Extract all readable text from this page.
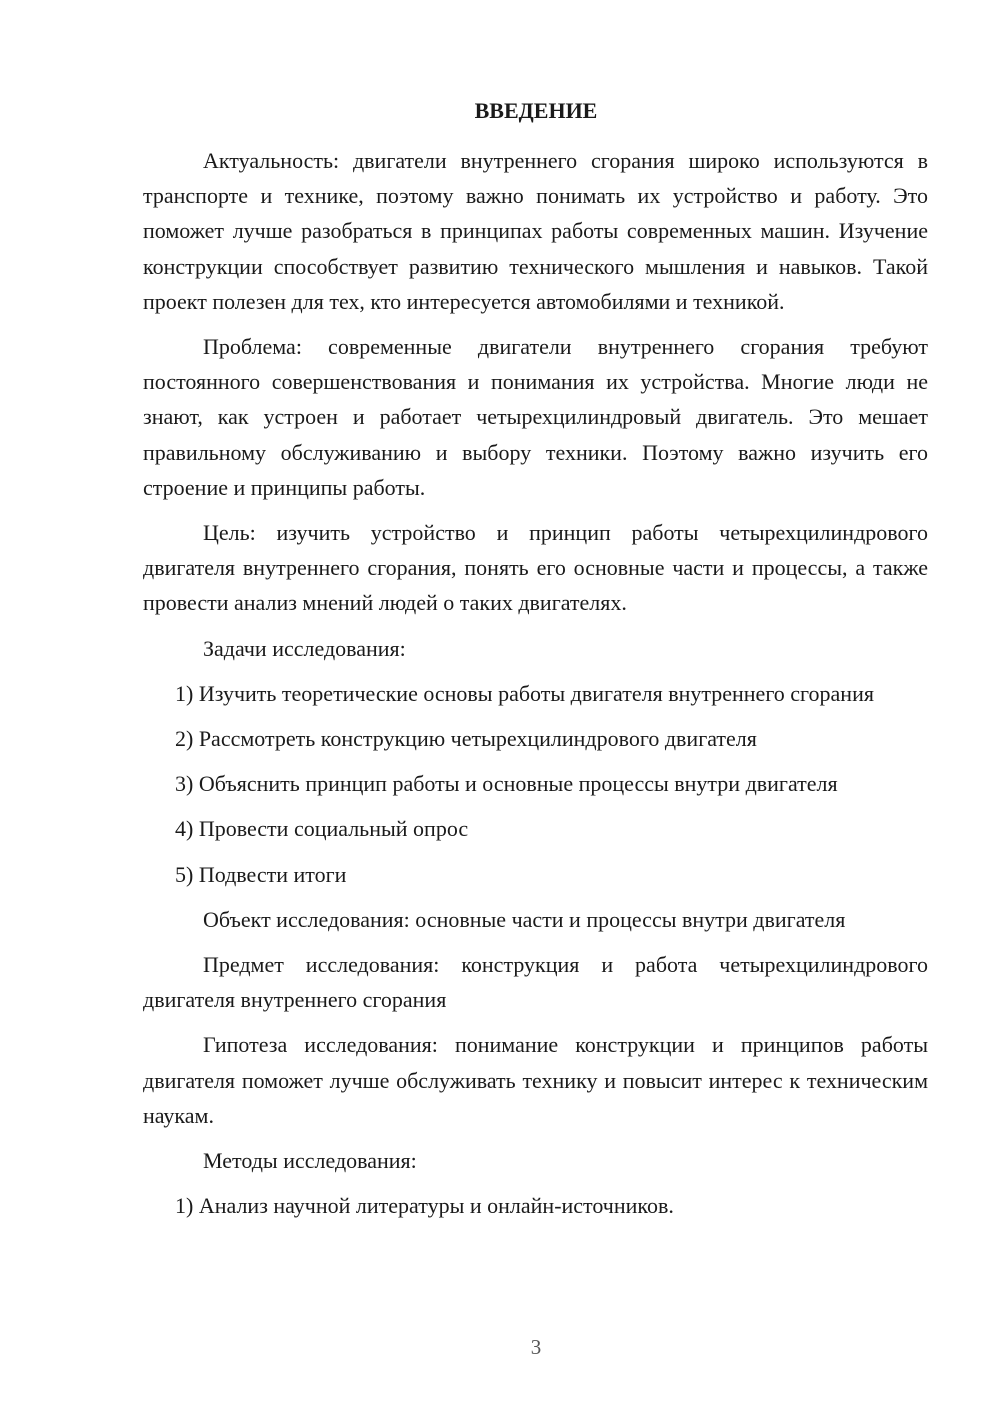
ВВЕДЕНИЕ

Актуальность: двигатели внутреннего сгорания широко используются в транспорте и технике, поэтому важно понимать их устройство и работу. Это поможет лучше разобраться в принципах работы современных машин. Изучение конструкции способствует развитию технического мышления и навыков. Такой проект полезен для тех, кто интересуется автомобилями и техникой.

Проблема: современные двигатели внутреннего сгорания требуют постоянного совершенствования и понимания их устройства. Многие люди не знают, как устроен и работает четырехцилиндровый двигатель. Это мешает правильному обслуживанию и выбору техники. Поэтому важно изучить его строение и принципы работы.

Цель: изучить устройство и принцип работы четырехцилиндрового двигателя внутреннего сгорания, понять его основные части и процессы, а также провести анализ мнений людей о таких двигателях.

Задачи исследования:

1) Изучить теоретические основы работы двигателя внутреннего сгорания

2) Рассмотреть конструкцию четырехцилиндрового двигателя

3) Объяснить принцип работы и основные процессы внутри двигателя

4) Провести социальный опрос

5) Подвести итоги

Объект исследования: основные части и процессы внутри двигателя

Предмет исследования: конструкция и работа четырехцилиндрового двигателя внутреннего сгорания

Гипотеза исследования: понимание конструкции и принципов работы двигателя поможет лучше обслуживать технику и повысит интерес к техническим наукам.

Методы исследования:

1) Анализ научной литературы и онлайн-источников.

3
